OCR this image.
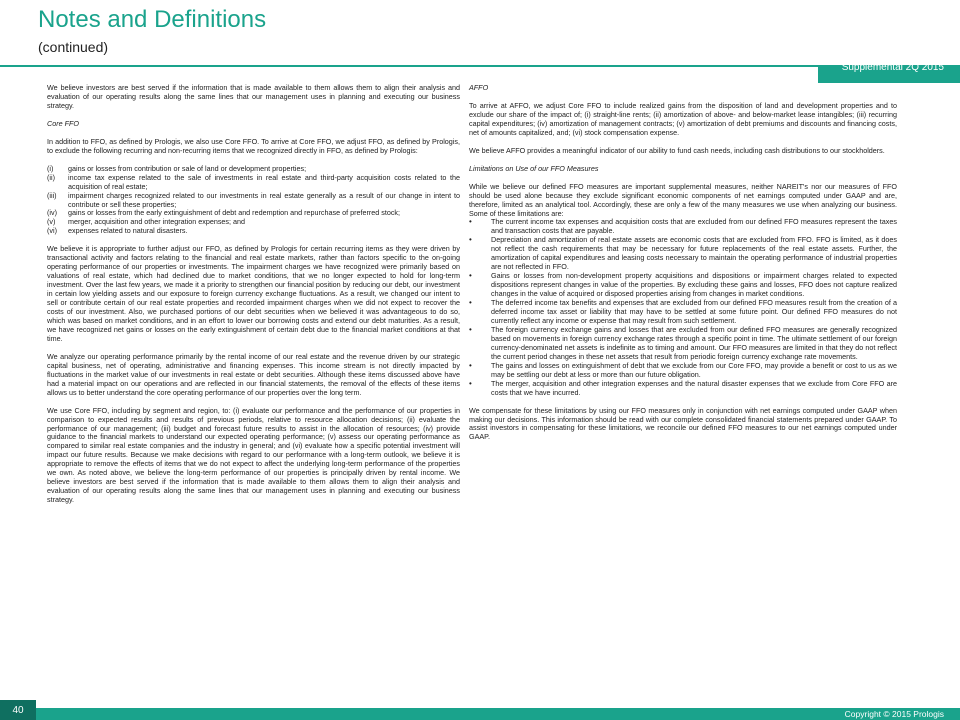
Notes and Definitions
(continued)
Supplemental 2Q 2015

We believe investors are best served if the information that is made available to them allows them to align their analysis and evaluation of our operating results along the same lines that our management uses in planning and executing our business strategy.

Core FFO

In addition to FFO, as defined by Prologis, we also use Core FFO. To arrive at Core FFO, we adjust FFO, as defined by Prologis, to exclude the following recurring and non-recurring items that we recognized directly in FFO, as defined by Prologis:

(i)	gains or losses from contribution or sale of land or development properties;
(ii)	income tax expense related to the sale of investments in real estate and third-party acquisition costs related to the acquisition of real estate;
(iii)	impairment charges recognized related to our investments in real estate generally as a result of our change in intent to contribute or sell these properties;
(iv)	gains or losses from the early extinguishment of debt and redemption and repurchase of preferred stock;
(v)	merger, acquisition and other integration expenses; and
(vi)	expenses related to natural disasters.

We believe it is appropriate to further adjust our FFO, as defined by Prologis for certain recurring items as they were driven by transactional activity and factors relating to the financial and real estate markets, rather than factors specific to the on-going operating performance of our properties or investments. The impairment charges we have recognized were primarily based on valuations of real estate, which had declined due to market conditions, that we no longer expected to hold for long-term investment. Over the last few years, we made it a priority to strengthen our financial position by reducing our debt, our investment in certain low yielding assets and our exposure to foreign currency exchange fluctuations. As a result, we changed our intent to sell or contribute certain of our real estate properties and recorded impairment charges when we did not expect to recover the costs of our investment. Also, we purchased portions of our debt securities when we believed it was advantageous to do so, which was based on market conditions, and in an effort to lower our borrowing costs and extend our debt maturities. As a result, we have recognized net gains or losses on the early extinguishment of certain debt due to the financial market conditions at that time.

We analyze our operating performance primarily by the rental income of our real estate and the revenue driven by our strategic capital business, net of operating, administrative and financing expenses. This income stream is not directly impacted by fluctuations in the market value of our investments in real estate or debt securities. Although these items discussed above have had a material impact on our operations and are reflected in our financial statements, the removal of the effects of these items allows us to better understand the core operating performance of our properties over the long term.

We use Core FFO, including by segment and region, to: (i) evaluate our performance and the performance of our properties in comparison to expected results and results of previous periods, relative to resource allocation decisions; (ii) evaluate the performance of our management; (iii) budget and forecast future results to assist in the allocation of resources; (iv) provide guidance to the financial markets to understand our expected operating performance; (v) assess our operating performance as compared to similar real estate companies and the industry in general; and (vi) evaluate how a specific potential investment will impact our future results. Because we make decisions with regard to our performance with a long-term outlook, we believe it is appropriate to remove the effects of items that we do not expect to affect the underlying long-term performance of the properties we own. As noted above, we believe the long-term performance of our properties is principally driven by rental income. We believe investors are best served if the information that is made available to them allows them to align their analysis and evaluation of our operating results along the same lines that our management uses in planning and executing our business strategy.

AFFO

To arrive at AFFO, we adjust Core FFO to include realized gains from the disposition of land and development properties and to exclude our share of the impact of; (i) straight-line rents; (ii) amortization of above- and below-market lease intangibles; (iii) recurring capital expenditures; (iv) amortization of management contracts; (v) amortization of debt premiums and discounts and financing costs, net of amounts capitalized, and; (vi) stock compensation expense.

We believe AFFO provides a meaningful indicator of our ability to fund cash needs, including cash distributions to our stockholders.

Limitations on Use of our FFO Measures

While we believe our defined FFO measures are important supplemental measures, neither NAREIT's nor our measures of FFO should be used alone because they exclude significant economic components of net earnings computed under GAAP and are, therefore, limited as an analytical tool. Accordingly, these are only a few of the many measures we use when analyzing our business. Some of these limitations are:

•	The current income tax expenses and acquisition costs that are excluded from our defined FFO measures represent the taxes and transaction costs that are payable.
•	Depreciation and amortization of real estate assets are economic costs that are excluded from FFO. FFO is limited, as it does not reflect the cash requirements that may be necessary for future replacements of the real estate assets. Further, the amortization of capital expenditures and leasing costs necessary to maintain the operating performance of industrial properties are not reflected in FFO.
•	Gains or losses from non-development property acquisitions and dispositions or impairment charges related to expected dispositions represent changes in value of the properties. By excluding these gains and losses, FFO does not capture realized changes in the value of acquired or disposed properties arising from changes in market conditions.
•	The deferred income tax benefits and expenses that are excluded from our defined FFO measures result from the creation of a deferred income tax asset or liability that may have to be settled at some future point. Our defined FFO measures do not currently reflect any income or expense that may result from such settlement.
•	The foreign currency exchange gains and losses that are excluded from our defined FFO measures are generally recognized based on movements in foreign currency exchange rates through a specific point in time. The ultimate settlement of our foreign currency-denominated net assets is indefinite as to timing and amount. Our FFO measures are limited in that they do not reflect the current period changes in these net assets that result from periodic foreign currency exchange rate movements.
•	The gains and losses on extinguishment of debt that we exclude from our Core FFO, may provide a benefit or cost to us as we may be settling our debt at less or more than our future obligation.
•	The merger, acquisition and other integration expenses and the natural disaster expenses that we exclude from Core FFO are costs that we have incurred.

We compensate for these limitations by using our FFO measures only in conjunction with net earnings computed under GAAP when making our decisions. This information should be read with our complete consolidated financial statements prepared under GAAP. To assist investors in compensating for these limitations, we reconcile our defined FFO measures to our net earnings computed under GAAP.

40	Copyright © 2015 Prologis
